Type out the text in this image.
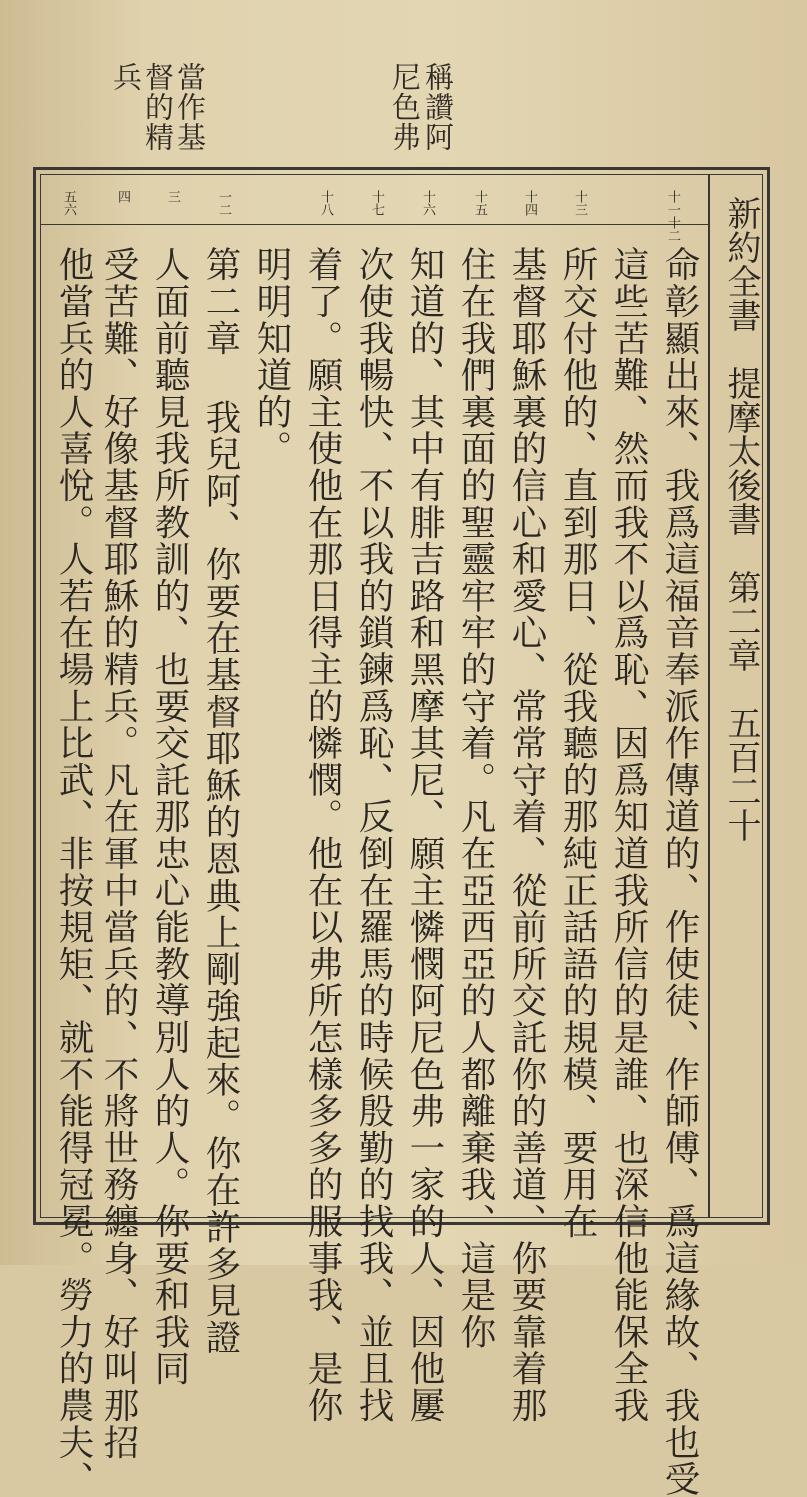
稱讚阿
尼色弗
當作基
督的精
兵
新約全書提摩太後書第二章五百二十
十一十二
十三
十四
十五
十六
十七
十八
一二
三
四
五六
命彰顯出來、我爲這福音奉派作傳道的、作使徒、作師傅、爲這緣故、我也受
這些苦難、然而我不以爲恥、因爲知道我所信的是誰、也深信他能保全我
所交付他的、直到那日、從我聽的那純正話語的規模、要用在
基督耶穌裏的信心和愛心、常常守着、從前所交託你的善道、你要靠着那
住在我們裏面的聖靈牢牢的守着。凡在亞西亞的人都離棄我、這是你
知道的、其中有腓吉路和黑摩其尼、願主憐憫阿尼色弗一家的人、因他屢
次使我暢快、不以我的鎖鍊爲恥、反倒在羅馬的時候殷勤的找我、並且找
着了。願主使他在那日得主的憐憫。他在以弗所怎樣多多的服事我、是你
明明知道的。
第二章 我兒阿、你要在基督耶穌的恩典上剛強起來。你在許多見證
人面前聽見我所教訓的、也要交託那忠心能教導別人的人。你要和我同
受苦難、好像基督耶穌的精兵。凡在軍中當兵的、不將世務纏身、好叫那招
他當兵的人喜悅。人若在場上比武、非按規矩、就不能得冠冕。勞力的農夫、
